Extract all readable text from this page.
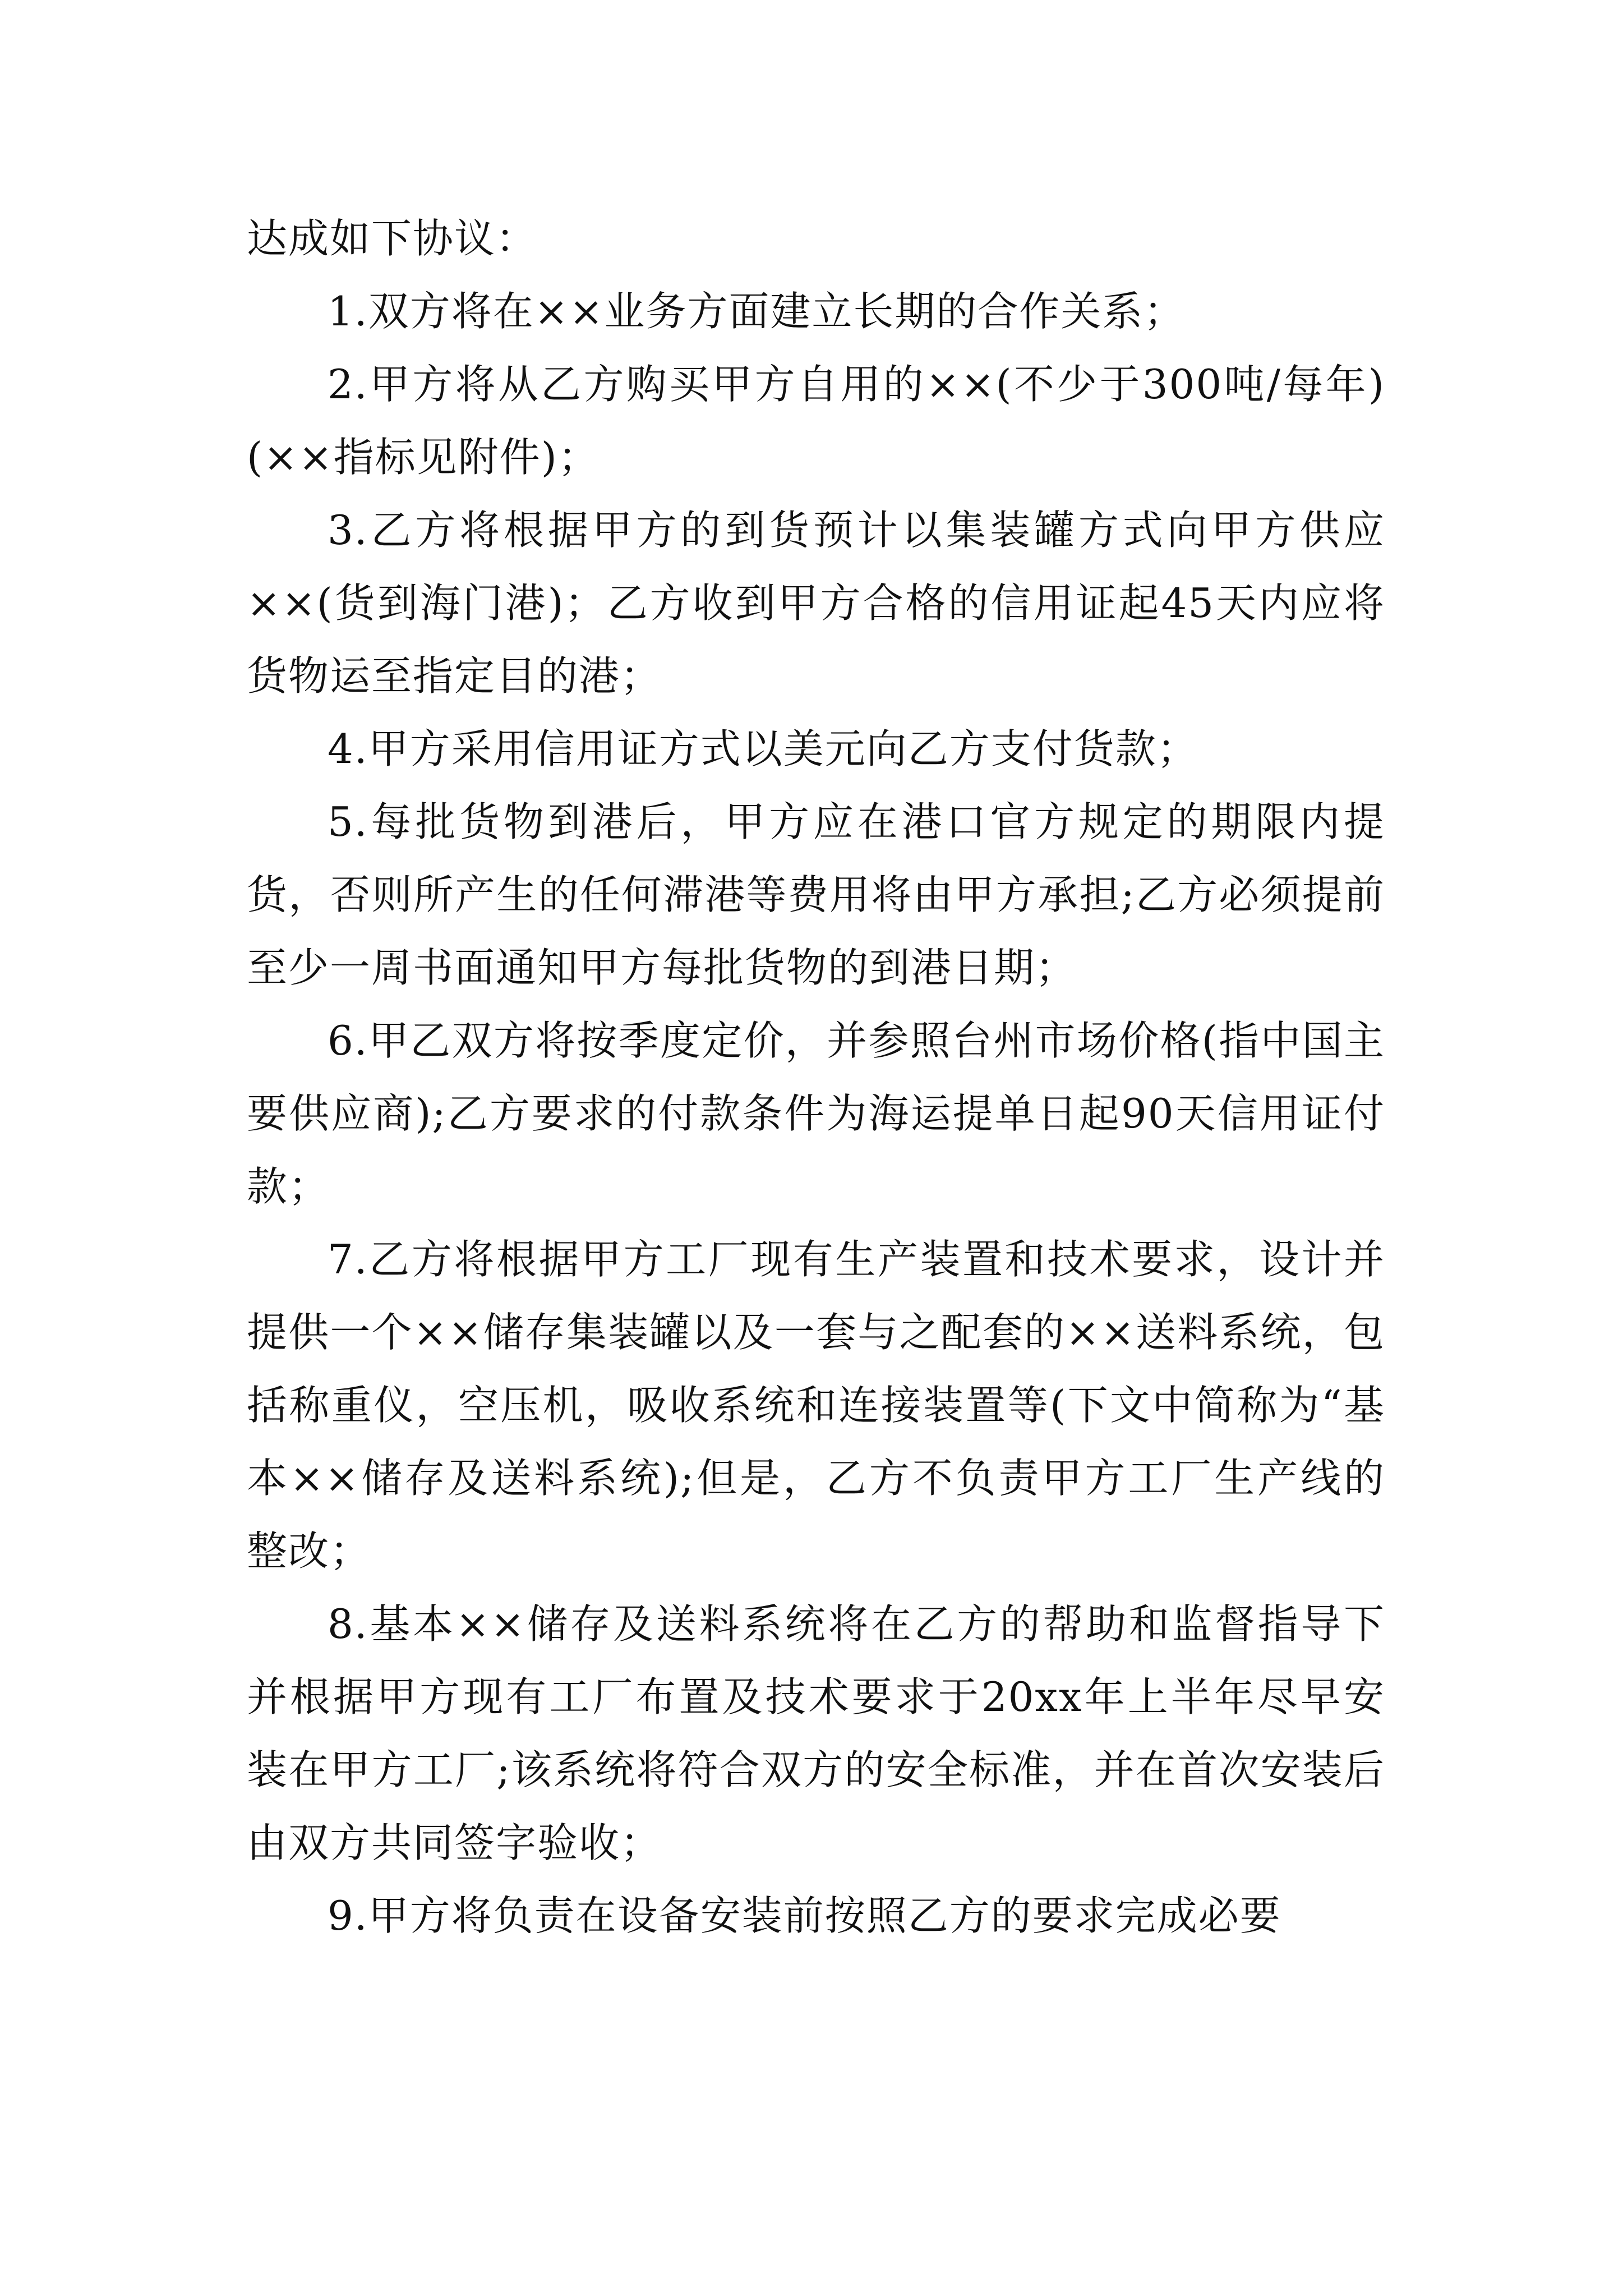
达成如下协议：

1.双方将在××业务方面建立长期的合作关系；

2.甲方将从乙方购买甲方自用的××(不少于300吨/每年)(××指标见附件)；

3.乙方将根据甲方的到货预计以集装罐方式向甲方供应××(货到海门港)；乙方收到甲方合格的信用证起45天内应将货物运至指定目的港；

4.甲方采用信用证方式以美元向乙方支付货款；

5.每批货物到港后，甲方应在港口官方规定的期限内提货，否则所产生的任何滞港等费用将由甲方承担;乙方必须提前至少一周书面通知甲方每批货物的到港日期；

6.甲乙双方将按季度定价，并参照台州市场价格(指中国主要供应商);乙方要求的付款条件为海运提单日起90天信用证付款；

7.乙方将根据甲方工厂现有生产装置和技术要求，设计并提供一个××储存集装罐以及一套与之配套的××送料系统，包括称重仪，空压机，吸收系统和连接装置等(下文中简称为“基本××储存及送料系统);但是，乙方不负责甲方工厂生产线的整改；

8.基本××储存及送料系统将在乙方的帮助和监督指导下并根据甲方现有工厂布置及技术要求于20xx年上半年尽早安装在甲方工厂;该系统将符合双方的安全标准，并在首次安装后由双方共同签字验收；

9.甲方将负责在设备安装前按照乙方的要求完成必要
